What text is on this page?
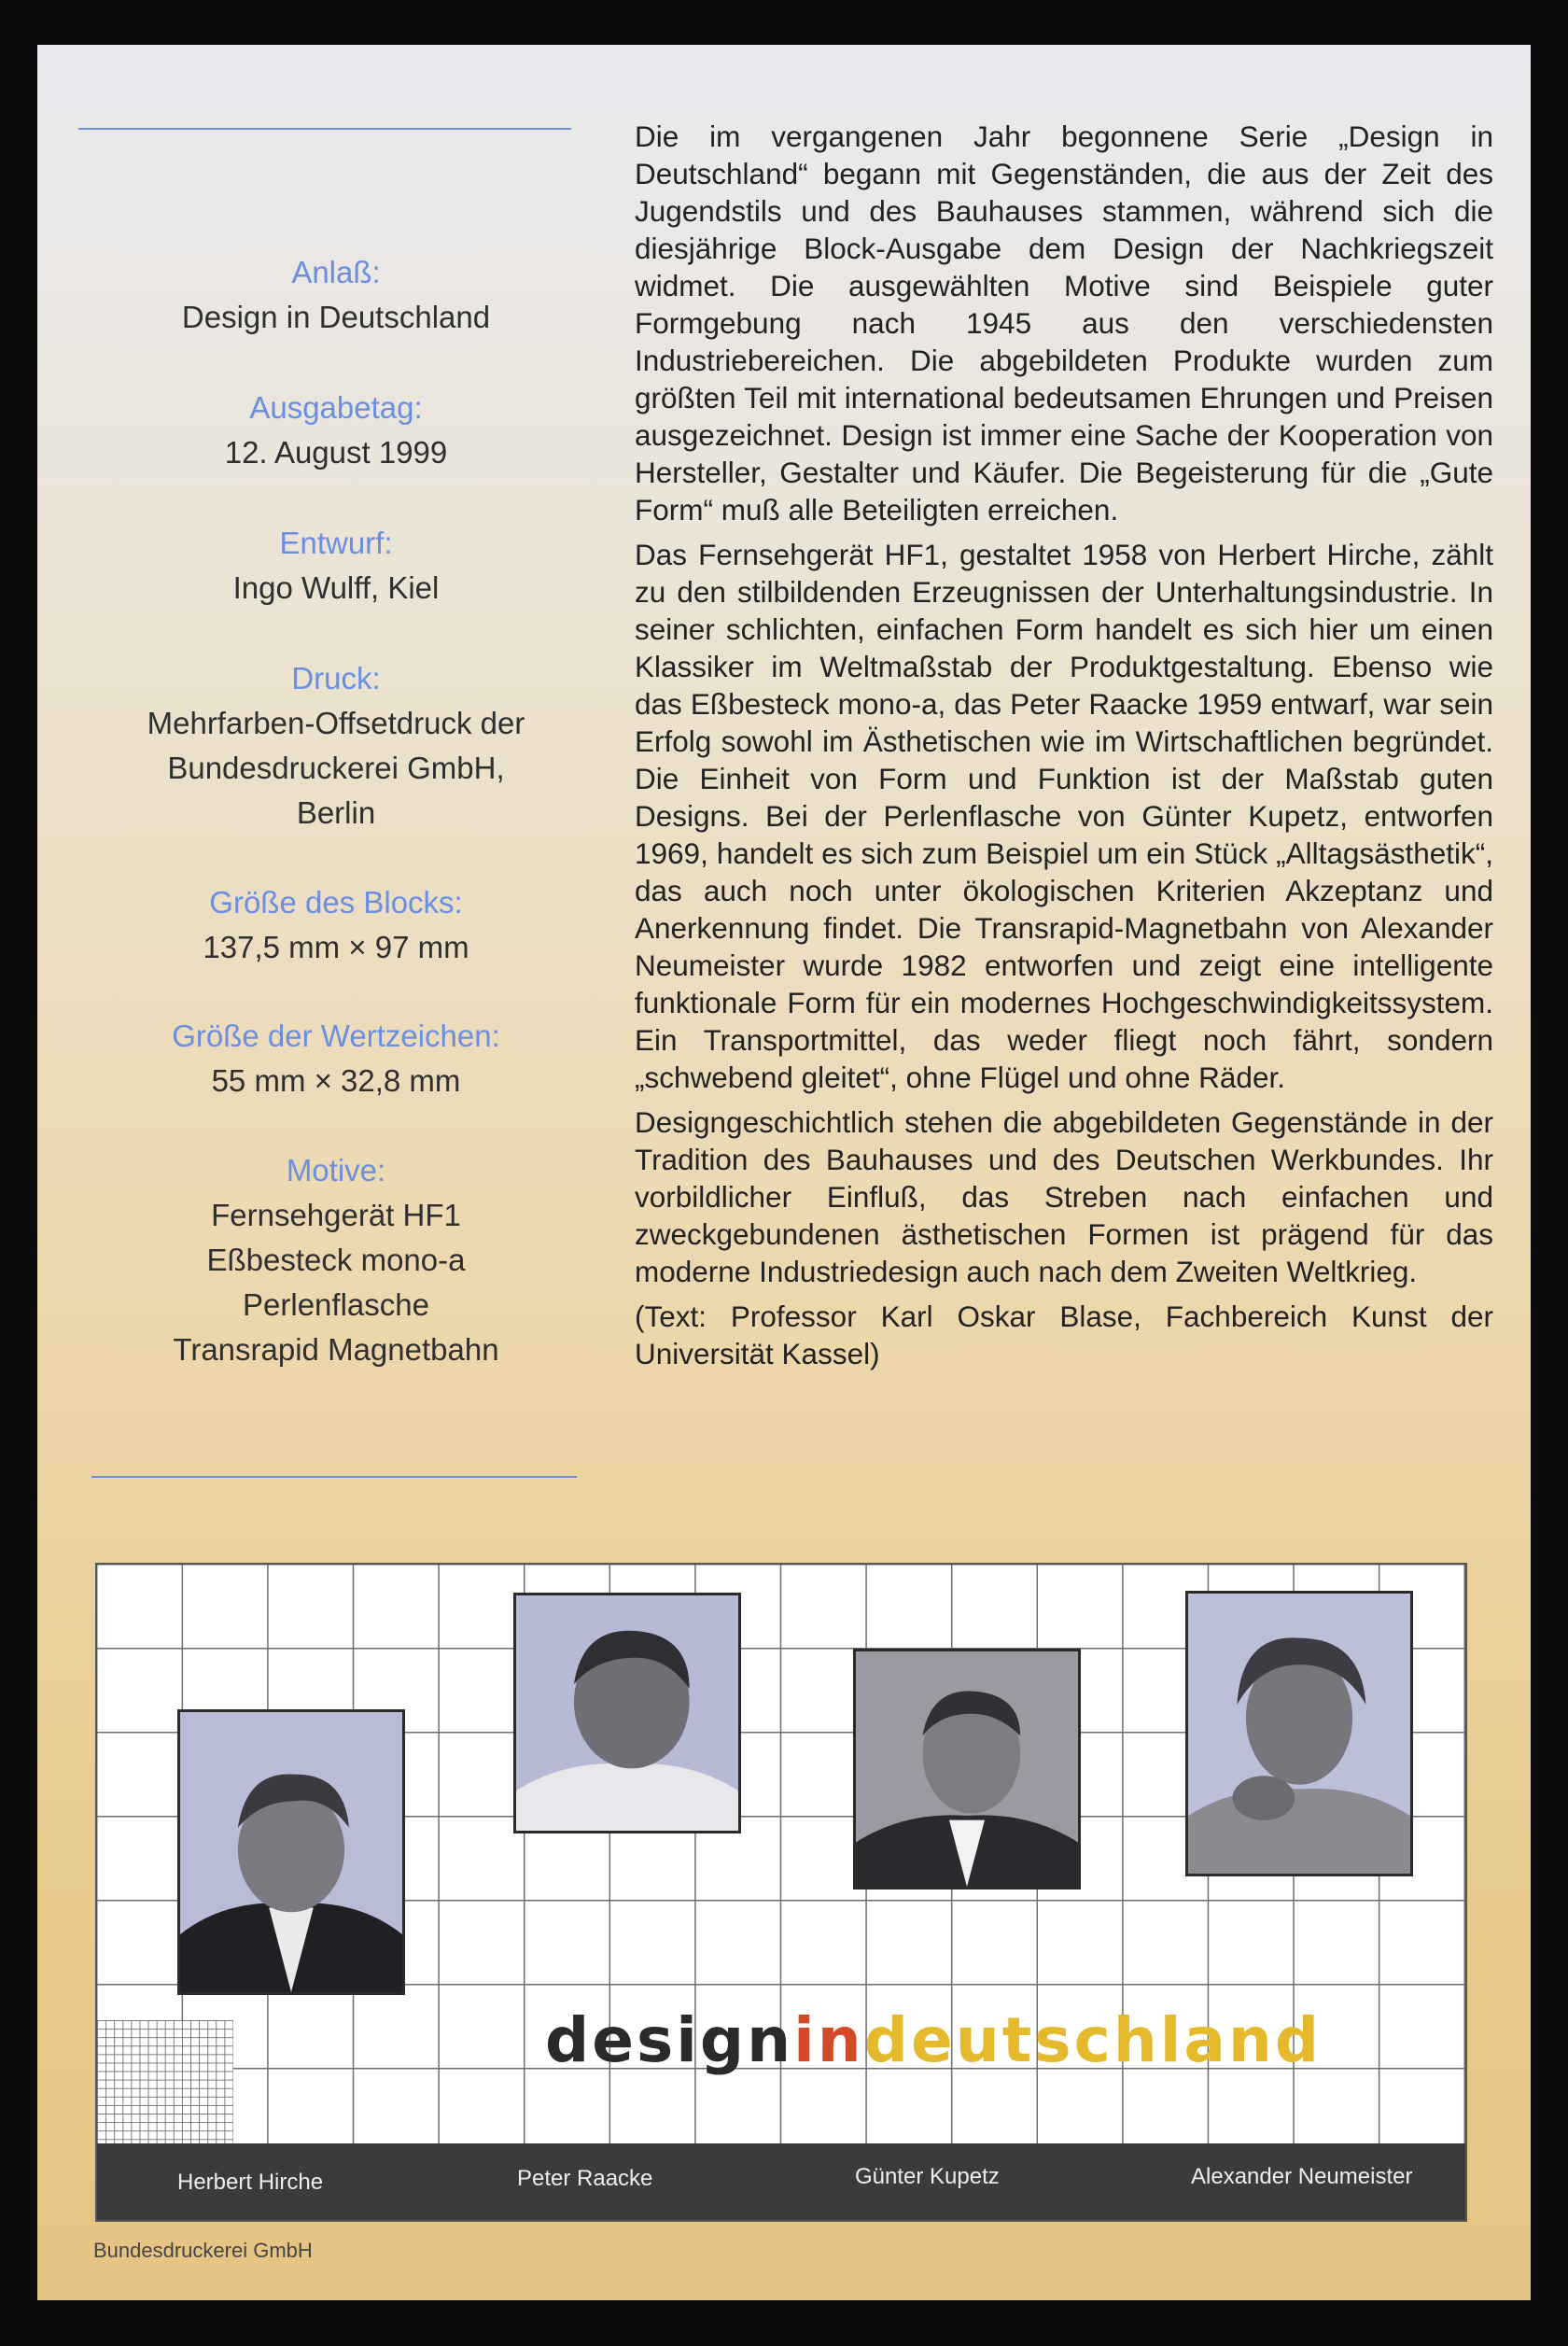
Anlaß:
Design in Deutschland
Ausgabetag:
12. August 1999
Entwurf:
Ingo Wulff, Kiel
Druck:
Mehrfarben-Offsetdruck der
Bundesdruckerei GmbH,
Berlin
Größe des Blocks:
137,5 mm × 97 mm
Größe der Wertzeichen:
55 mm × 32,8 mm
Motive:
Fernsehgerät HF1
Eßbesteck mono-a
Perlenflasche
Transrapid Magnetbahn

Die im vergangenen Jahr begonnene Serie „Design in Deutschland“ begann mit Gegenständen, die aus der Zeit des Jugendstils und des Bauhauses stammen, während sich die diesjährige Block-Ausgabe dem Design der Nachkriegszeit widmet. Die ausgewählten Motive sind Beispiele guter Formgebung nach 1945 aus den verschiedensten Industriebereichen. Die abgebildeten Produkte wurden zum größten Teil mit international bedeutsamen Ehrungen und Preisen ausgezeichnet. Design ist immer eine Sache der Kooperation von Hersteller, Gestalter und Käufer. Die Begeisterung für die „Gute Form“ muß alle Beteiligten erreichen.

Das Fernsehgerät HF1, gestaltet 1958 von Herbert Hirche, zählt zu den stilbildenden Erzeugnissen der Unterhaltungsindustrie. In seiner schlichten, einfachen Form handelt es sich hier um einen Klassiker im Weltmaßstab der Produktgestaltung. Ebenso wie das Eßbesteck mono-a, das Peter Raacke 1959 entwarf, war sein Erfolg sowohl im Ästhetischen wie im Wirtschaftlichen begründet. Die Einheit von Form und Funktion ist der Maßstab guten Designs. Bei der Perlenflasche von Günter Kupetz, entworfen 1969, handelt es sich zum Beispiel um ein Stück „Alltagsästhetik“, das auch noch unter ökologischen Kriterien Akzeptanz und Anerkennung findet. Die Transrapid-Magnetbahn von Alexander Neumeister wurde 1982 entworfen und zeigt eine intelligente funktionale Form für ein modernes Hochgeschwindigkeitssystem. Ein Transportmittel, das weder fliegt noch fährt, sondern „schwebend gleitet“, ohne Flügel und ohne Räder.

Designgeschichtlich stehen die abgebildeten Gegenstände in der Tradition des Bauhauses und des Deutschen Werkbundes. Ihr vorbildlicher Einfluß, das Streben nach einfachen und zweckgebundenen ästhetischen Formen ist prägend für das moderne Industriedesign auch nach dem Zweiten Weltkrieg.

(Text: Professor Karl Oskar Blase, Fachbereich Kunst der Universität Kassel)

designindeutschland
Herbert Hirche	Peter Raacke	Günter Kupetz	Alexander Neumeister
Bundesdruckerei GmbH
